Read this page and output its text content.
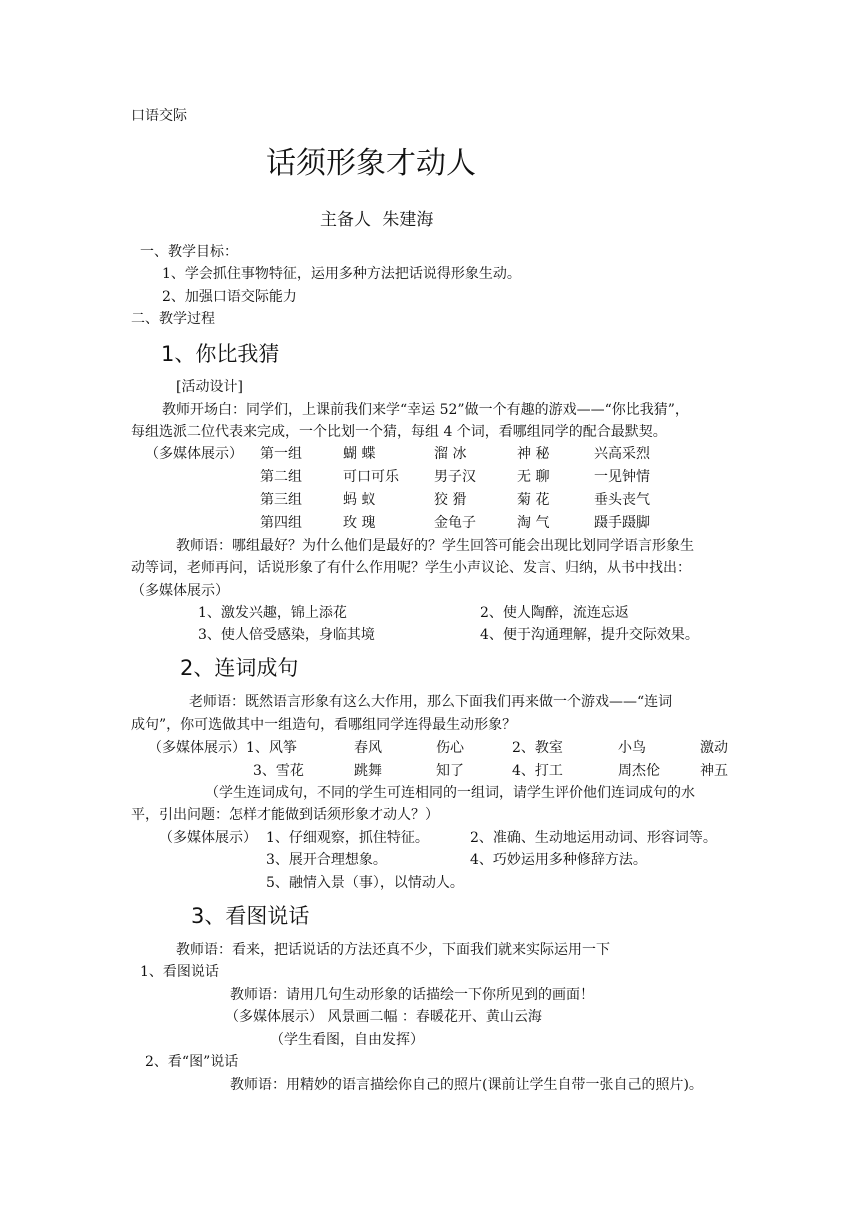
口语交际
话须形象才动人
主备人 朱建海
一、教学目标：
1、学会抓住事物特征，运用多种方法把话说得形象生动。
2、加强口语交际能力
二、教学过程
1、你比我猜
[活动设计]
教师开场白：同学们，上课前我们来学“幸运 52”做一个有趣的游戏——“你比我猜”，
每组选派二位代表来完成，一个比划一个猜，每组 4 个词，看哪组同学的配合最默契。
（多媒体展示） 第一组	蝴 蝶	溜 冰	神 秘	兴高采烈
第二组	可口可乐	男子汉	无 聊	一见钟情
第三组	蚂 蚁	狡 猾	菊 花	垂头丧气
第四组	玫 瑰	金龟子	淘 气	蹑手蹑脚
教师语：哪组最好？为什么他们是最好的？学生回答可能会出现比划同学语言形象生
动等词，老师再问，话说形象了有什么作用呢？学生小声议论、发言、归纳，从书中找出：
（多媒体展示）
1、激发兴趣，锦上添花	2、使人陶醉，流连忘返
3、使人倍受感染，身临其境	4、便于沟通理解，提升交际效果。
2、连词成句
老师语：既然语言形象有这么大作用，那么下面我们再来做一个游戏——“连词
成句”，你可选做其中一组造句，看哪组同学连得最生动形象？
（多媒体展示）1、风筝	春风	伤心	2、教室	小鸟	激动
3、雪花	跳舞	知了	4、打工	周杰伦	神五
（学生连词成句，不同的学生可连相同的一组词，请学生评价他们连词成句的水
平，引出问题：怎样才能做到话须形象才动人？）
（多媒体展示） 1、仔细观察，抓住特征。	2、准确、生动地运用动词、形容词等。
3、展开合理想象。	4、巧妙运用多种修辞方法。
5、融情入景（事），以情动人。
3、看图说话
教师语：看来，把话说话的方法还真不少，下面我们就来实际运用一下
1、看图说话
教师语：请用几句生动形象的话描绘一下你所见到的画面！
（多媒体展示） 风景画二幅 ：春暖花开、黄山云海
（学生看图，自由发挥）
2、看“图”说话
教师语：用精妙的语言描绘你自己的照片(课前让学生自带一张自己的照片)。
